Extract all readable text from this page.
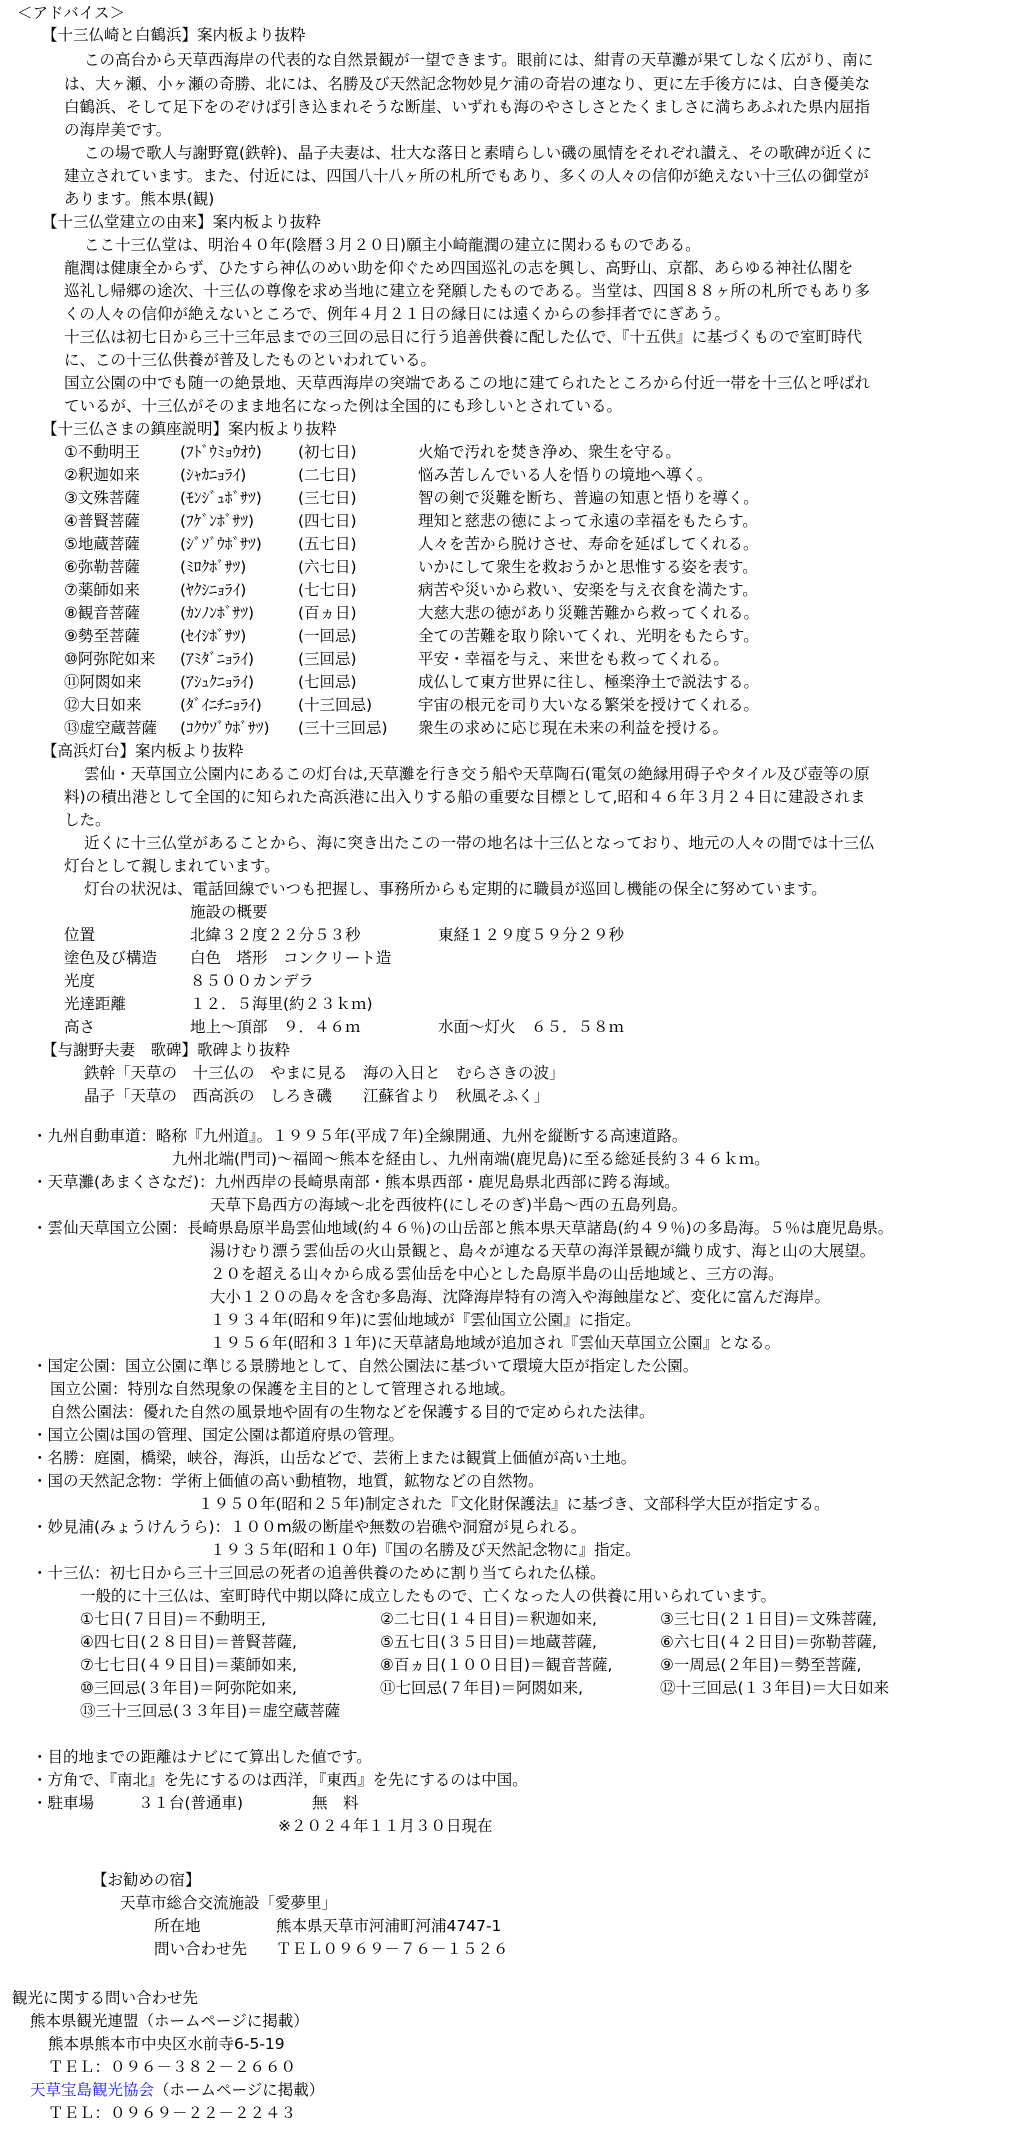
＜アドバイス＞
【十三仏崎と白鶴浜】案内板より抜粋
この高台から天草西海岸の代表的な自然景観が一望できます。眼前には、紺青の天草灘が果てしなく広がり、南に
は、大ヶ瀬、小ヶ瀬の奇勝、北には、名勝及び天然記念物妙見ケ浦の奇岩の連なり、更に左手後方には、白き優美な
白鶴浜、そして足下をのぞけば引き込まれそうな断崖、いずれも海のやさしさとたくましさに満ちあふれた県内屈指
の海岸美です。
この場で歌人与謝野寛(鉄幹)、晶子夫妻は、壮大な落日と素晴らしい磯の風情をそれぞれ讃え、その歌碑が近くに
建立されています。また、付近には、四国八十八ヶ所の札所でもあり、多くの人々の信仰が絶えない十三仏の御堂が
あります。熊本県(観)
【十三仏堂建立の由来】案内板より抜粋
ここ十三仏堂は、明治４０年(陰暦３月２０日)願主小崎龍潤の建立に関わるものである。
龍潤は健康全からず、ひたすら神仏のめい助を仰ぐため四国巡礼の志を興し、高野山、京都、あらゆる神社仏閣を
巡礼し帰郷の途次、十三仏の尊像を求め当地に建立を発願したものである。当堂は、四国８８ヶ所の札所でもあり多
くの人々の信仰が絶えないところで、例年４月２１日の縁日には遠くからの参拝者でにぎあう。
十三仏は初七日から三十三年忌までの三回の忌日に行う追善供養に配した仏で、『十五供』に基づくもので室町時代
に、この十三仏供養が普及したものといわれている。
国立公園の中でも随一の絶景地、天草西海岸の突端であるこの地に建てられたところから付近一帯を十三仏と呼ばれ
ているが、十三仏がそのまま地名になった例は全国的にも珍しいとされている。
【十三仏さまの鎮座説明】案内板より抜粋
①不動明王	(ﾌﾄﾞｳﾐｮｳｵｳ) (初七日)	火焔で汚れを焚き浄め、衆生を守る。
②釈迦如来	(ｼｬｶﾆｮﾗｲ)	(二七日)	悩み苦しんでいる人を悟りの境地へ導く。
③文殊菩薩	(ﾓﾝｼﾞｭﾎﾞｻﾂ) (三七日)	智の剣で災難を断ち、普遍の知恵と悟りを導く。
④普賢菩薩	(ﾌｹﾞﾝﾎﾞｻﾂ)	(四七日)	理知と慈悲の徳によって永遠の幸福をもたらす。
⑤地蔵菩薩	(ｼﾞｿﾞｳﾎﾞｻﾂ) (五七日)	人々を苦から脱けさせ、寿命を延ばしてくれる。
⑥弥勒菩薩	(ﾐﾛｸﾎﾞｻﾂ)	(六七日)	いかにして衆生を救おうかと思惟する姿を表す。
⑦薬師如来	(ﾔｸｼﾆｮﾗｲ)	(七七日)	病苦や災いから救い、安楽を与え衣食を満たす。
⑧観音菩薩	(ｶﾝﾉﾝﾎﾞｻﾂ)	(百ヵ日)	大慈大悲の徳があり災難苦難から救ってくれる。
⑨勢至菩薩	(ｾｲｼﾎﾞｻﾂ)	(一回忌)	全ての苦難を取り除いてくれ、光明をもたらす。
⑩阿弥陀如来 (ｱﾐﾀﾞﾆｮﾗｲ)	(三回忌)	平安・幸福を与え、来世をも救ってくれる。
⑪阿閦如来 (ｱｼｭｸﾆｮﾗｲ)	(七回忌)	成仏して東方世界に往し、極楽浄土で説法する。
⑫大日如来 (ﾀﾞｲﾆﾁﾆｮﾗｲ) (十三回忌)	宇宙の根元を司り大いなる繁栄を授けてくれる。
⑬虚空蔵菩薩 (ｺｸｳｿﾞｳﾎﾞｻﾂ) (三十三回忌) 衆生の求めに応じ現在未来の利益を授ける。
【高浜灯台】案内板より抜粋
雲仙・天草国立公園内にあるこの灯台は,天草灘を行き交う船や天草陶石(電気の絶縁用碍子やタイル及び壺等の原
料)の積出港として全国的に知られた高浜港に出入りする船の重要な目標として,昭和４６年３月２４日に建設されま
した。
近くに十三仏堂があることから、海に突き出たこの一帯の地名は十三仏となっており、地元の人々の間では十三仏
灯台として親しまれています。
灯台の状況は、電話回線でいつも把握し、事務所からも定期的に職員が巡回し機能の保全に努めています。
施設の概要
位置	北緯３２度２２分５３秒	東経１２９度５９分２９秒
塗色及び構造 白色　塔形　コンクリート造
光度	８５００カンデラ
光達距離	１２．５海里(約２３ｋｍ)
高さ	地上～頂部　９．４６ｍ	水面～灯火　６５．５８ｍ
【与謝野夫妻　歌碑】歌碑より抜粋
鉄幹「天草の　十三仏の　やまに見る　海の入日と　むらさきの波」
晶子「天草の　西高浜の　しろき磯　　江蘇省より　秋風そふく」
・九州自動車道：略称『九州道』。１９９５年(平成７年)全線開通、九州を縦断する高速道路。
九州北端(門司)～福岡～熊本を経由し、九州南端(鹿児島)に至る総延長約３４６ｋｍ。
・天草灘(あまくさなだ)：九州西岸の長崎県南部・熊本県西部・鹿児島県北西部に跨る海域。
天草下島西方の海域～北を西彼杵(にしそのぎ)半島～西の五島列島。
・雲仙天草国立公園：長崎県島原半島雲仙地域(約４６％)の山岳部と熊本県天草諸島(約４９％)の多島海。５％は鹿児島県。
湯けむり漂う雲仙岳の火山景観と、島々が連なる天草の海洋景観が織り成す、海と山の大展望。
２０を超える山々から成る雲仙岳を中心とした島原半島の山岳地域と、三方の海。
大小１２０の島々を含む多島海、沈降海岸特有の湾入や海蝕崖など、変化に富んだ海岸。
１９３４年(昭和９年)に雲仙地域が『雲仙国立公園』に指定。
１９５６年(昭和３１年)に天草諸島地域が追加され『雲仙天草国立公園』となる。
・国定公園：国立公園に準じる景勝地として、自然公園法に基づいて環境大臣が指定した公園。
国立公園：特別な自然現象の保護を主目的として管理される地域。
自然公園法：優れた自然の風景地や固有の生物などを保護する目的で定められた法律。
・国立公園は国の管理、国定公園は都道府県の管理。
・名勝：庭園，橋梁，峡谷，海浜，山岳などで、芸術上または観賞上価値が高い土地。
・国の天然記念物：学術上価値の高い動植物，地質，鉱物などの自然物。
１９５０年(昭和２５年)制定された『文化財保護法』に基づき、文部科学大臣が指定する。
・妙見浦(みょうけんうら)：１００m級の断崖や無数の岩礁や洞窟が見られる。
１９３５年(昭和１０年)『国の名勝及び天然記念物に』指定。
・十三仏：初七日から三十三回忌の死者の追善供養のために割り当てられた仏様。
一般的に十三仏は、室町時代中期以降に成立したもので、亡くなった人の供養に用いられています。
①七日(７日目)＝不動明王,	②二七日(１４日目)＝釈迦如来,	③三七日(２１日目)＝文殊菩薩,
④四七日(２８日目)＝普賢菩薩,	⑤五七日(３５日目)＝地蔵菩薩,	⑥六七日(４２日目)＝弥勒菩薩,
⑦七七日(４９日目)＝薬師如来,	⑧百ヵ日(１００日目)＝観音菩薩,	⑨一周忌(２年目)＝勢至菩薩,
⑩三回忌(３年目)＝阿弥陀如来,	⑪七回忌(７年目)＝阿閦如来,	⑫十三回忌(１３年目)＝大日如来
⑬三十三回忌(３３年目)＝虚空蔵菩薩
・目的地までの距離はナビにて算出した値です。
・方角で、『南北』を先にするのは西洋，『東西』を先にするのは中国。
・駐車場	３１台(普通車)	無　料
※２０２４年１１月３０日現在
【お勧めの宿】
天草市総合交流施設「愛夢里」
所在地	熊本県天草市河浦町河浦4747-1
問い合わせ先 ＴＥＬ０９６９－７６－１５２６
観光に関する問い合わせ先
熊本県観光連盟（ホームページに掲載）
熊本県熊本市中央区水前寺6-5-19
ＴＥＬ：０９６－３８２－２６６０
天草宝島観光協会（ホームページに掲載）
ＴＥＬ：０９６９－２２－２２４３
